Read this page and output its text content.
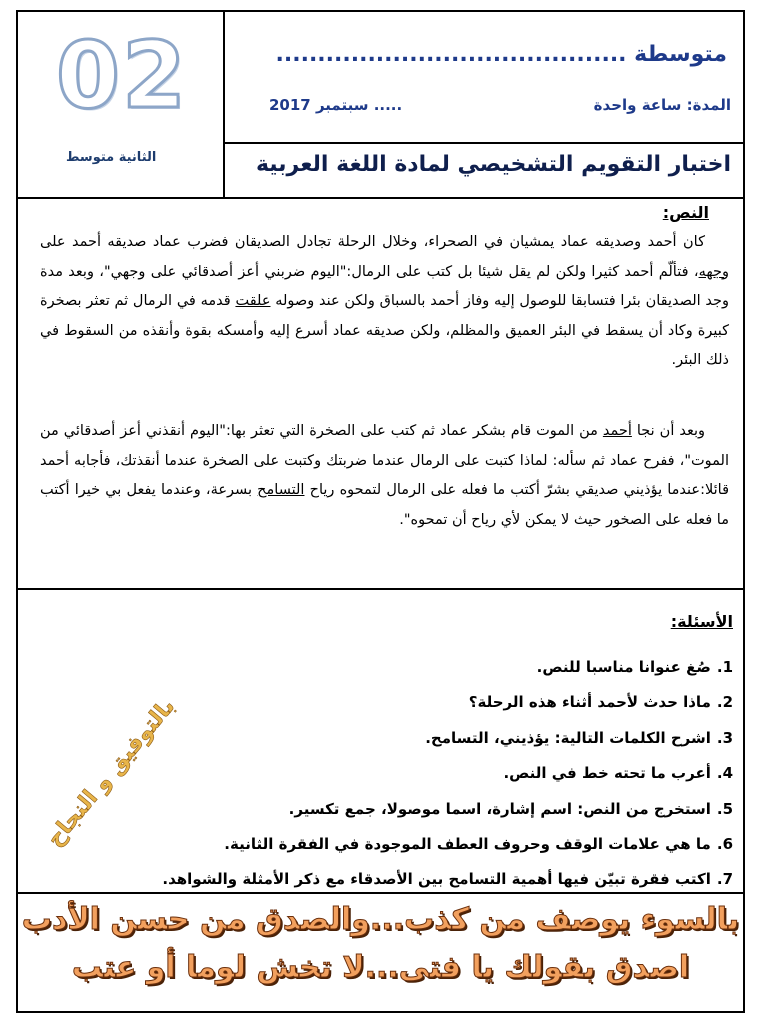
02
الثانية متوسط
متوسطة ..........................................
المدة: ساعة واحدة
..... سبتمبر 2017
اختبار التقويم التشخيصي لمادة اللغة العربية
النص:
كان أحمد وصديقه عماد يمشيان في الصحراء، وخلال الرحلة تجادل الصديقان فضرب عماد صديقه أحمد على وجهه، فتألّم أحمد كثيرا ولكن لم يقل شيئا بل كتب على الرمال:"اليوم ضربني أعز أصدقائي على وجهي"، وبعد مدة وجد الصديقان بئرا فتسابقا للوصول إليه وفاز أحمد بالسباق ولكن عند وصوله علقت قدمه في الرمال ثم تعثر بصخرة كبيرة وكاد أن يسقط في البئر العميق والمظلم، ولكن صديقه عماد أسرع إليه وأمسكه بقوة وأنقذه من السقوط في ذلك البئر.
وبعد أن نجا أحمد من الموت قام بشكر عماد ثم كتب على الصخرة التي تعثر بها:"اليوم أنقذني أعز أصدقائي من الموت"، ففرح عماد ثم سأله: لماذا كتبت على الرمال عندما ضربتك وكتبت على الصخرة عندما أنقذتك، فأجابه أحمد قائلا:عندما يؤذيني صديقي بشرّ أكتب ما فعله على الرمال لتمحوه رياح التسامح بسرعة، وعندما يفعل بي خيرا أكتب ما فعله على الصخور حيث لا يمكن لأي رياح أن تمحوه".
الأسئلة:
1.صُغ عنوانا مناسبا للنص.
2.ماذا حدث لأحمد أثناء هذه الرحلة؟
3.اشرح الكلمات التالية: يؤذيني، التسامح.
4.أعرب ما تحته خط في النص.
5.استخرج من النص: اسم إشارة، اسما موصولا، جمع تكسير.
6.ما هي علامات الوقف وحروف العطف الموجودة في الفقرة الثانية.
7.اكتب فقرة تبيّن فيها أهمية التسامح بين الأصدقاء مع ذكر الأمثلة والشواهد.
بالتوفيق و النجاح
بالسوء يوصف من كذب...والصدق من حسن الأدب
اصدق بقولك يا فتى...لا تخش لوما أو عتب
